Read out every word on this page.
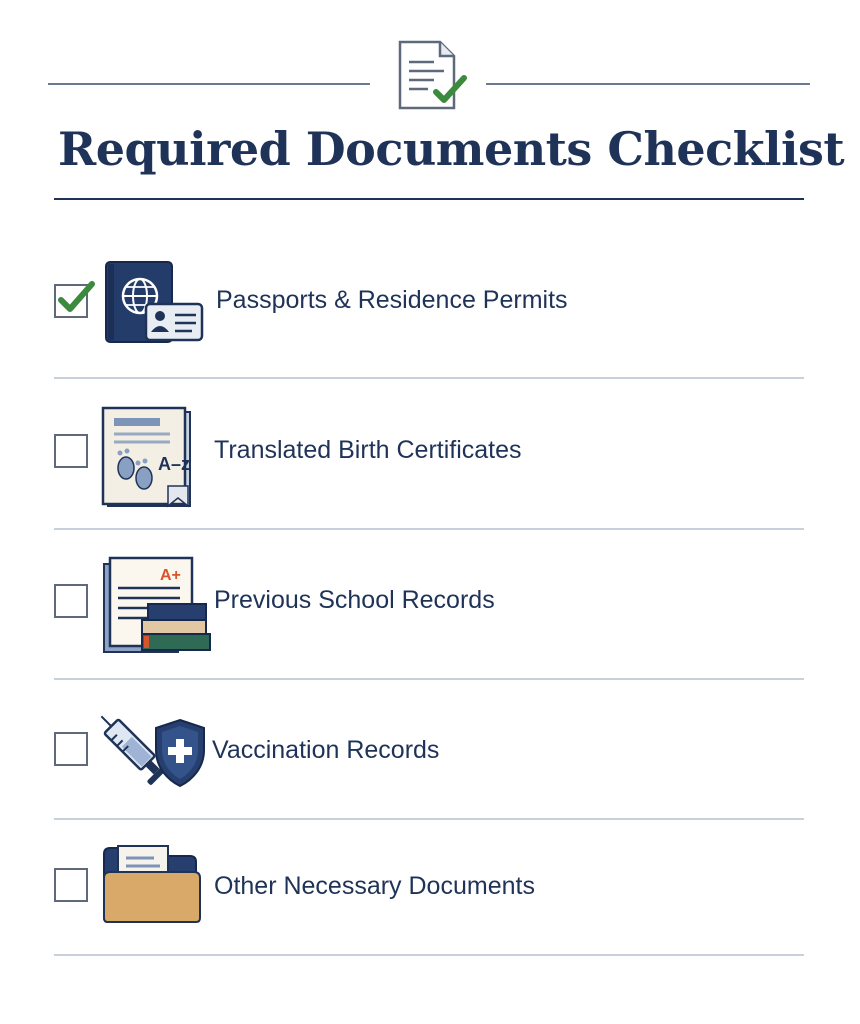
Required Documents Checklist
Passports & Residence Permits
A–z Translated Birth Certificates
A+
Previous School Records
Vaccination Records
Other Necessary Documents
